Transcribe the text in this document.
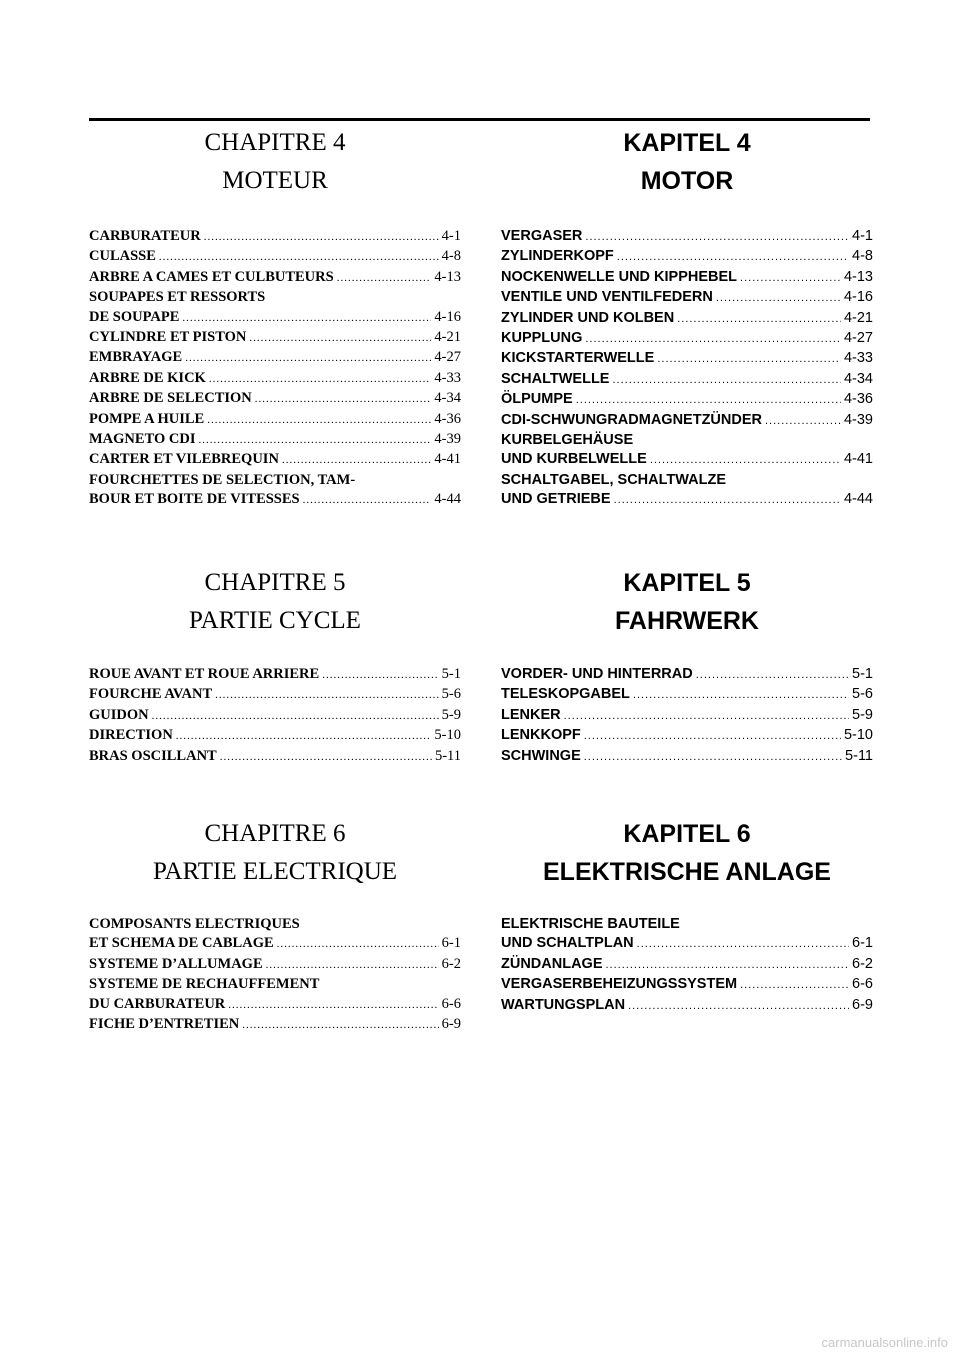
CHAPITRE 4
MOTEUR
CARBURATEUR .....	4-1
CULASSE .....	4-8
ARBRE A CAMES ET CULBUTEURS .....	4-13
SOUPAPES ET RESSORTS
DE SOUPAPE .....	4-16
CYLINDRE ET PISTON .....	4-21
EMBRAYAGE .....	4-27
ARBRE DE KICK .....	4-33
ARBRE DE SELECTION .....	4-34
POMPE A HUILE .....	4-36
MAGNETO CDI .....	4-39
CARTER ET VILEBREQUIN .....	4-41
FOURCHETTES DE SELECTION, TAM-
BOUR ET BOITE DE VITESSES .....	4-44
CHAPITRE 5
PARTIE CYCLE
ROUE AVANT ET ROUE ARRIERE .....	5-1
FOURCHE AVANT .....	5-6
GUIDON .....	5-9
DIRECTION .....	5-10
BRAS OSCILLANT .....	5-11
CHAPITRE 6
PARTIE ELECTRIQUE
COMPOSANTS ELECTRIQUES
ET SCHEMA DE CABLAGE .....	6-1
SYSTEME D’ALLUMAGE .....	6-2
SYSTEME DE RECHAUFFEMENT
DU CARBURATEUR .....	6-6
FICHE D’ENTRETIEN .....	6-9
KAPITEL 4
MOTOR
VERGASER .....	4-1
ZYLINDERKOPF .....	4-8
NOCKENWELLE UND KIPPHEBEL .....	4-13
VENTILE UND VENTILFEDERN .....	4-16
ZYLINDER UND KOLBEN .....	4-21
KUPPLUNG .....	4-27
KICKSTARTERWELLE .....	4-33
SCHALTWELLE .....	4-34
ÖLPUMPE .....	4-36
CDI-SCHWUNGRADMAGNETZÜNDER .....	4-39
KURBELGEHÄUSE
UND KURBELWELLE .....	4-41
SCHALTGABEL, SCHALTWALZE
UND GETRIEBE .....	4-44
KAPITEL 5
FAHRWERK
VORDER- UND HINTERRAD .....	5-1
TELESKOPGABEL .....	5-6
LENKER .....	5-9
LENKKOPF .....	5-10
SCHWINGE .....	5-11
KAPITEL 6
ELEKTRISCHE ANLAGE
ELEKTRISCHE BAUTEILE
UND SCHALTPLAN .....	6-1
ZÜNDANLAGE .....	6-2
VERGASERBEHEIZUNGSSYSTEM .....	6-6
WARTUNGSPLAN .....	6-9
carmanualsonline.info
